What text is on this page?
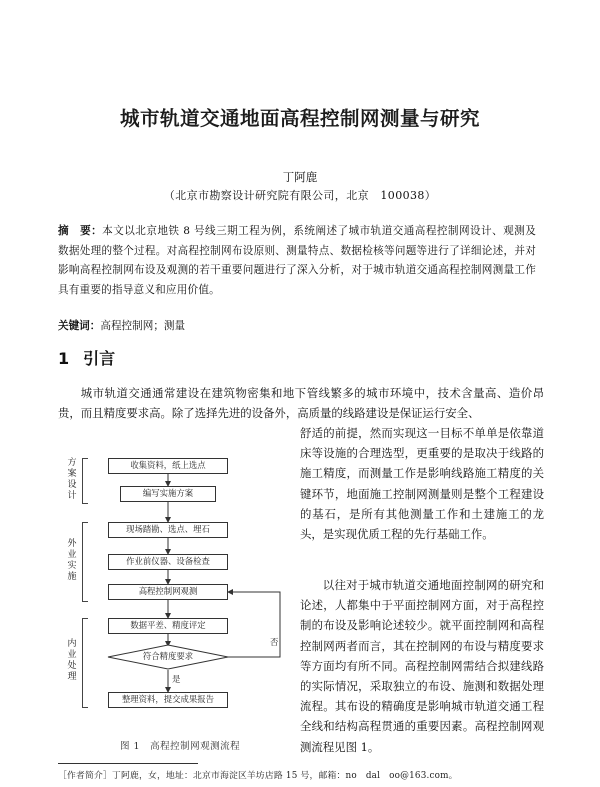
城市轨道交通地面高程控制网测量与研究
丁阿鹿
（北京市勘察设计研究院有限公司，北京　100038）
摘　要：本文以北京地铁 8 号线三期工程为例，系统阐述了城市轨道交通高程控制网设计、观测及数据处理的整个过程。对高程控制网布设原则、测量特点、数据检核等问题等进行了详细论述，并对影响高程控制网布设及观测的若干重要问题进行了深入分析，对于城市轨道交通高程控制网测量工作具有重要的指导意义和应用价值。
关键词：高程控制网；测量
1 引言
城市轨道交通通常建设在建筑物密集和地下管线繁多的城市环境中，技术含量高、造价昂贵，而且精度要求高。除了选择先进的设备外，高质量的线路建设是保证运行安全、
舒适的前提，然而实现这一目标不单单是依靠道床等设施的合理选型，更重要的是取决于线路的施工精度，而测量工作是影响线路施工精度的关键环节，地面施工控制网测量则是整个工程建设的基石，是所有其他测量工作和土建施工的龙头，是实现优质工程的先行基础工作。
以往对于城市轨道交通地面控制网的研究和论述，人都集中于平面控制网方面，对于高程控制的布设及影响论述较少。就平面控制网和高程控制网两者而言，其在控制网的布设与精度要求等方面均有所不同。高程控制网需结合拟建线路的实际情况，采取独立的布设、施测和数据处理流程。其布设的精确度是影响城市轨道交通工程全线和结构高程贯通的重要因素。高程控制网观测流程见图 1。
收集资料，纸上选点
编写实施方案
现场踏勘、选点、埋石
作业前仪器、设备检查
高程控制网观测
数据平差、精度评定
符合精度要求
整理资料，提交成果报告
是
否
方案设计
外业实施
内业处理
图 1　高程控制网观测流程
［作者简介］丁阿鹿，女，地址：北京市海淀区羊坊店路 15 号，邮箱：no　dal　oo@163.com。
